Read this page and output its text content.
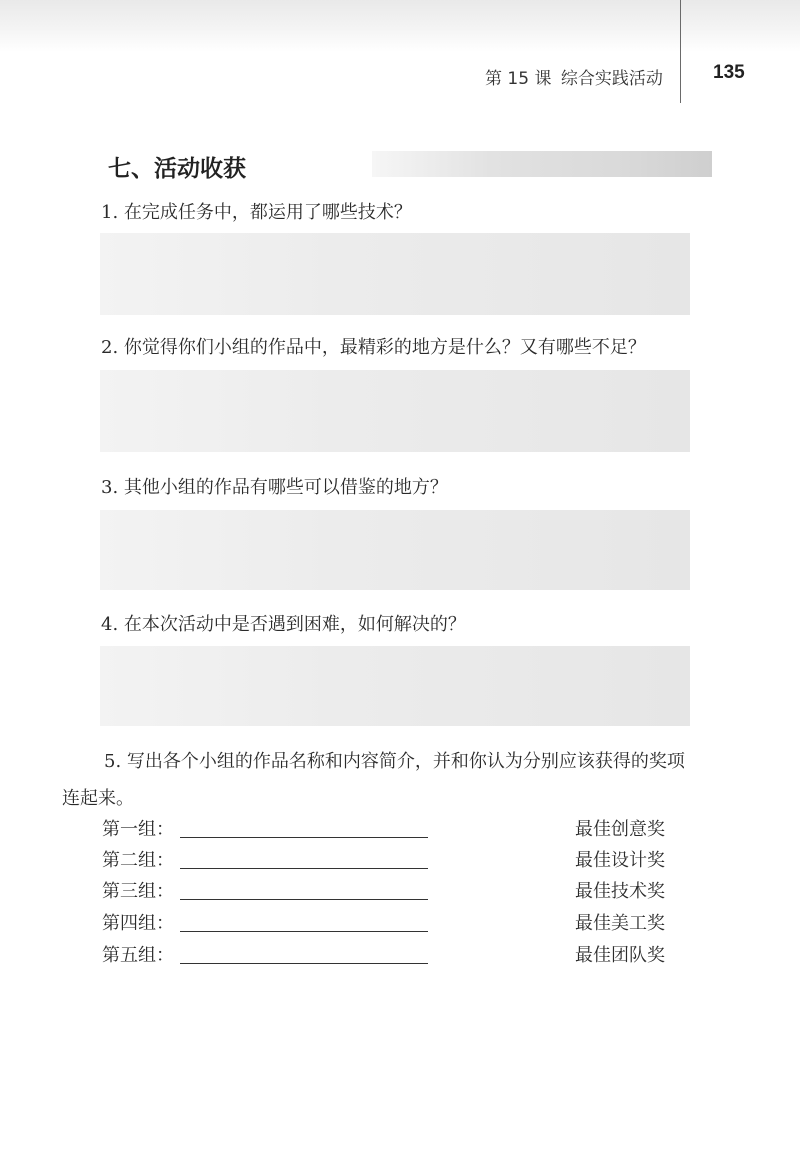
第 15 课 综合实践活动	135
七、活动收获
1. 在完成任务中，都运用了哪些技术？
2. 你觉得你们小组的作品中，最精彩的地方是什么？又有哪些不足？
3. 其他小组的作品有哪些可以借鉴的地方？
4. 在本次活动中是否遇到困难，如何解决的？
5. 写出各个小组的作品名称和内容简介，并和你认为分别应该获得的奖项连起来。
第一组：
第二组：
第三组：
第四组：
第五组：
最佳创意奖
最佳设计奖
最佳技术奖
最佳美工奖
最佳团队奖
